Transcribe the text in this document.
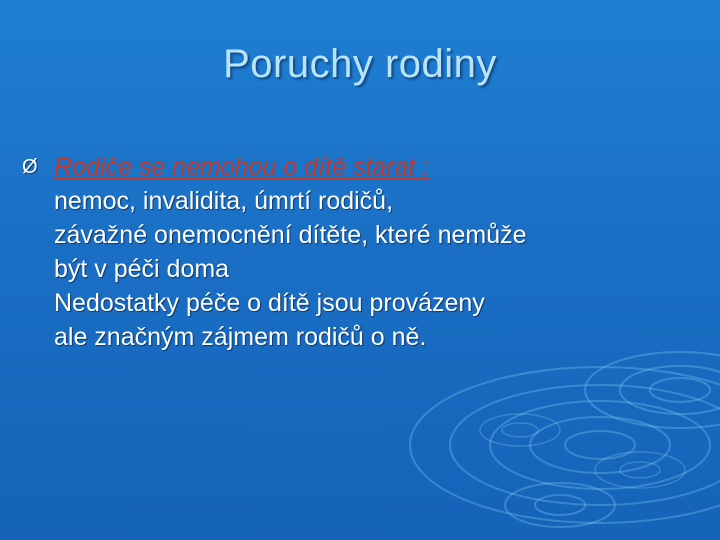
Poruchy rodiny
Ø Rodiče se nemohou o dítě starat :
nemoc, invalidita, úmrtí rodičů,
závažné onemocnění dítěte, které nemůže
být v péči doma
Nedostatky péče o dítě jsou provázeny
ale značným zájmem rodičů o ně.
